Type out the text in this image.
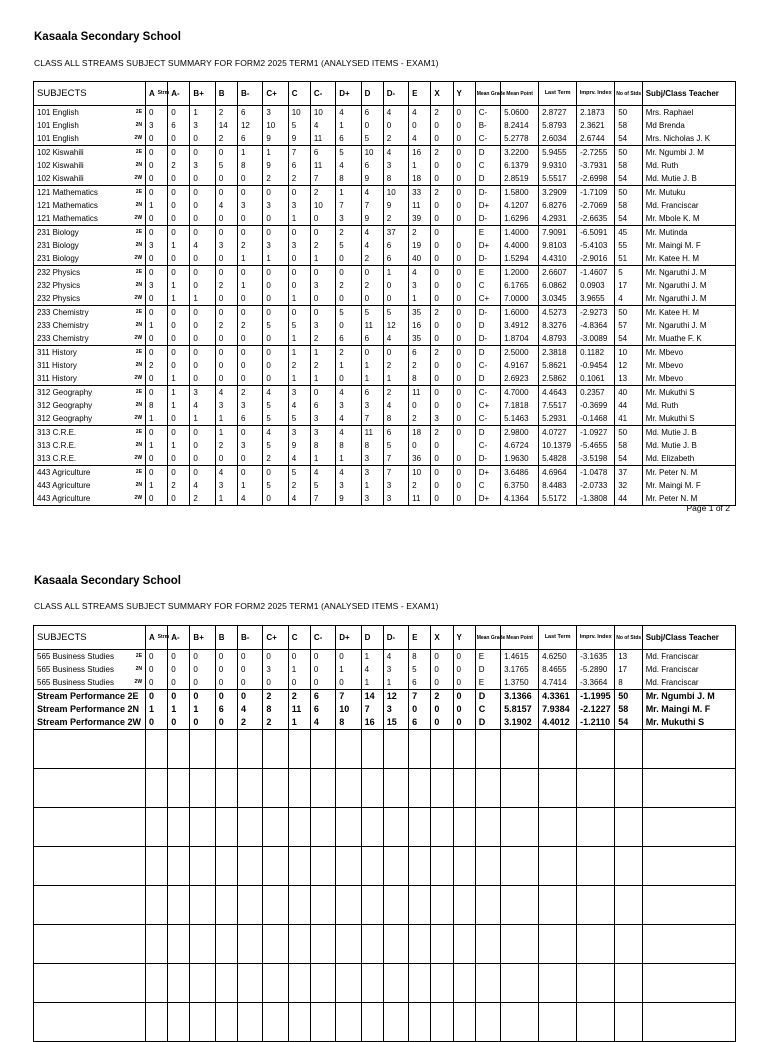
Kasaala Secondary School
CLASS ALL STREAMS SUBJECT SUMMARY FOR FORM2 2025 TERM1 (ANALYSED ITEMS - EXAM1)
SUBJECTS Strm		A	A-	B+	B	B-	C+	C	C-	D+	D	D-	E	X	Y	Mean Grade	Mean Point	Last Term	Imprv. Index	No of Stds	Subj/Class Teacher
101 English	2E	0	0	1	2	6	3	10	10	4	6	4	4	2	0	C-	5.0600	2.8727	2.1873	50	Mrs. Raphael
101 English	2N	3	6	3	14	12	10	5	4	1	0	0	0	0	0	B-	8.2414	5.8793	2.3621	58	Md Brenda
101 English	2W	0	0	0	2	6	9	9	11	6	5	2	4	0	0	C-	5.2778	2.6034	2.6744	54	Mrs. Nicholas J. K
102 Kiswahili	2E	0	0	0	0	1	1	7	6	5	10	4	16	2	0	D	3.2200	5.9455	-2.7255	50	Mr. Ngumbi J. M
102 Kiswahili	2N	0	2	3	5	8	9	6	11	4	6	3	1	0	0	C	6.1379	9.9310	-3.7931	58	Md. Ruth
102 Kiswahili	2W	0	0	0	0	0	2	2	7	8	9	8	18	0	0	D	2.8519	5.5517	-2.6998	54	Md. Mutie J. B
121 Mathematics	2E	0	0	0	0	0	0	0	2	1	4	10	33	2	0	D-	1.5800	3.2909	-1.7109	50	Mr. Mutuku
121 Mathematics	2N	1	0	0	4	3	3	3	10	7	7	9	11	0	0	D+	4.1207	6.8276	-2.7069	58	Md. Franciscar
121 Mathematics	2W	0	0	0	0	0	0	1	0	3	9	2	39	0	0	D-	1.6296	4.2931	-2.6635	54	Mr. Mbole K. M
231 Biology	2E	0	0	0	0	0	0	0	0	2	4	37	2	0		E	1.4000	7.9091	-6.5091	45	Mr. Mutinda
231 Biology	2N	3	1	4	3	2	3	3	2	5	4	6	19	0	0	D+	4.4000	9.8103	-5.4103	55	Mr. Maingi M. F
231 Biology	2W	0	0	0	0	1	1	0	1	0	2	6	40	0	0	D-	1.5294	4.4310	-2.9016	51	Mr. Katee H. M
232 Physics	2E	0	0	0	0	0	0	0	0	0	0	1	4	0	0	E	1.2000	2.6607	-1.4607	5	Mr. Ngaruthi J. M
232 Physics	2N	3	1	0	2	1	0	0	3	2	2	0	3	0	0	C	6.1765	6.0862	0.0903	17	Mr. Ngaruthi J. M
232 Physics	2W	0	1	1	0	0	0	1	0	0	0	0	1	0	0	C+	7.0000	3.0345	3.9655	4	Mr. Ngaruthi J. M
233 Chemistry	2E	0	0	0	0	0	0	0	0	5	5	5	35	2	0	D-	1.6000	4.5273	-2.9273	50	Mr. Katee H. M
233 Chemistry	2N	1	0	0	2	2	5	5	3	0	11	12	16	0	0	D	3.4912	8.3276	-4.8364	57	Mr. Ngaruthi J. M
233 Chemistry	2W	0	0	0	0	0	0	1	2	6	6	4	35	0	0	D-	1.8704	4.8793	-3.0089	54	Mr. Muathe F. K
311 History	2E	0	0	0	0	0	0	1	1	2	0	0	6	2	0	D	2.5000	2.3818	0.1182	10	Mr. Mbevo
311 History	2N	2	0	0	0	0	0	2	2	1	1	2	2	0	0	C-	4.9167	5.8621	-0.9454	12	Mr. Mbevo
311 History	2W	0	1	0	0	0	0	1	1	0	1	1	8	0	0	D	2.6923	2.5862	0.1061	13	Mr. Mbevo
312 Geography	2E	0	1	3	4	2	4	3	0	4	6	2	11	0	0	C-	4.7000	4.4643	0.2357	40	Mr. Mukuthi S
312 Geography	2N	8	1	4	3	3	5	4	6	3	3	4	0	0	0	C+	7.1818	7.5517	-0.3699	44	Md. Ruth
312 Geography	2W	1	0	1	1	6	5	5	3	4	7	8	2	3	0	C-	5.1463	5.2931	-0.1468	41	Mr. Mukuthi S
313 C.R.E.	2E	0	0	0	1	0	4	3	3	4	11	6	18	2	0	D	2.9800	4.0727	-1.0927	50	Md. Mutie J. B
313 C.R.E.	2N	1	1	0	2	3	5	9	8	8	8	5	0	0		C-	4.6724	10.1379	-5.4655	58	Md. Mutie J. B
313 C.R.E.	2W	0	0	0	0	0	2	4	1	1	3	7	36	0	0	D-	1.9630	5.4828	-3.5198	54	Md. Elizabeth
443 Agriculture	2E	0	0	0	4	0	0	5	4	4	3	7	10	0	0	D+	3.6486	4.6964	-1.0478	37	Mr. Peter N. M
443 Agriculture	2N	1	2	4	3	1	5	2	5	3	1	3	2	0	0	C	6.3750	8.4483	-2.0733	32	Mr. Maingi M. F
443 Agriculture	2W	0	0	2	1	4	0	4	7	9	3	3	11	0	0	D+	4.1364	5.5172	-1.3808	44	Mr. Peter N. M
Page 1 of 2
Kasaala Secondary School
CLASS ALL STREAMS SUBJECT SUMMARY FOR FORM2 2025 TERM1 (ANALYSED ITEMS - EXAM1)
SUBJECTS Strm		A	A-	B+	B	B-	C+	C	C-	D+	D	D-	E	X	Y	Mean Grade	Mean Point	Last Term	Imprv. Index	No of Stds	Subj/Class Teacher
565 Business Studies	2E	0	0	0	0	0	0	0	0	0	1	4	8	0	0	E	1.4615	4.6250	-3.1635	13	Md. Franciscar
565 Business Studies	2N	0	0	0	0	0	3	1	0	1	4	3	5	0	0	D	3.1765	8.4655	-5.2890	17	Md. Franciscar
565 Business Studies	2W	0	0	0	0	0	0	0	0	0	1	1	6	0	0	E	1.3750	4.7414	-3.3664	8	Md. Franciscar
Stream Performance 2E		0	0	0	0	0	2	2	6	7	14	12	7	2	0	D	3.1366	4.3361	-1.1995	50	Mr. Ngumbi J. M
Stream Performance 2N		1	1	1	6	4	8	11	6	10	7	3	0	0	0	C	5.8157	7.9384	-2.1227	58	Mr. Maingi M. F
Stream Performance 2W		0	0	0	0	2	2	1	4	8	16	15	6	0	0	D	3.1902	4.4012	-1.2110	54	Mr. Mukuthi S
